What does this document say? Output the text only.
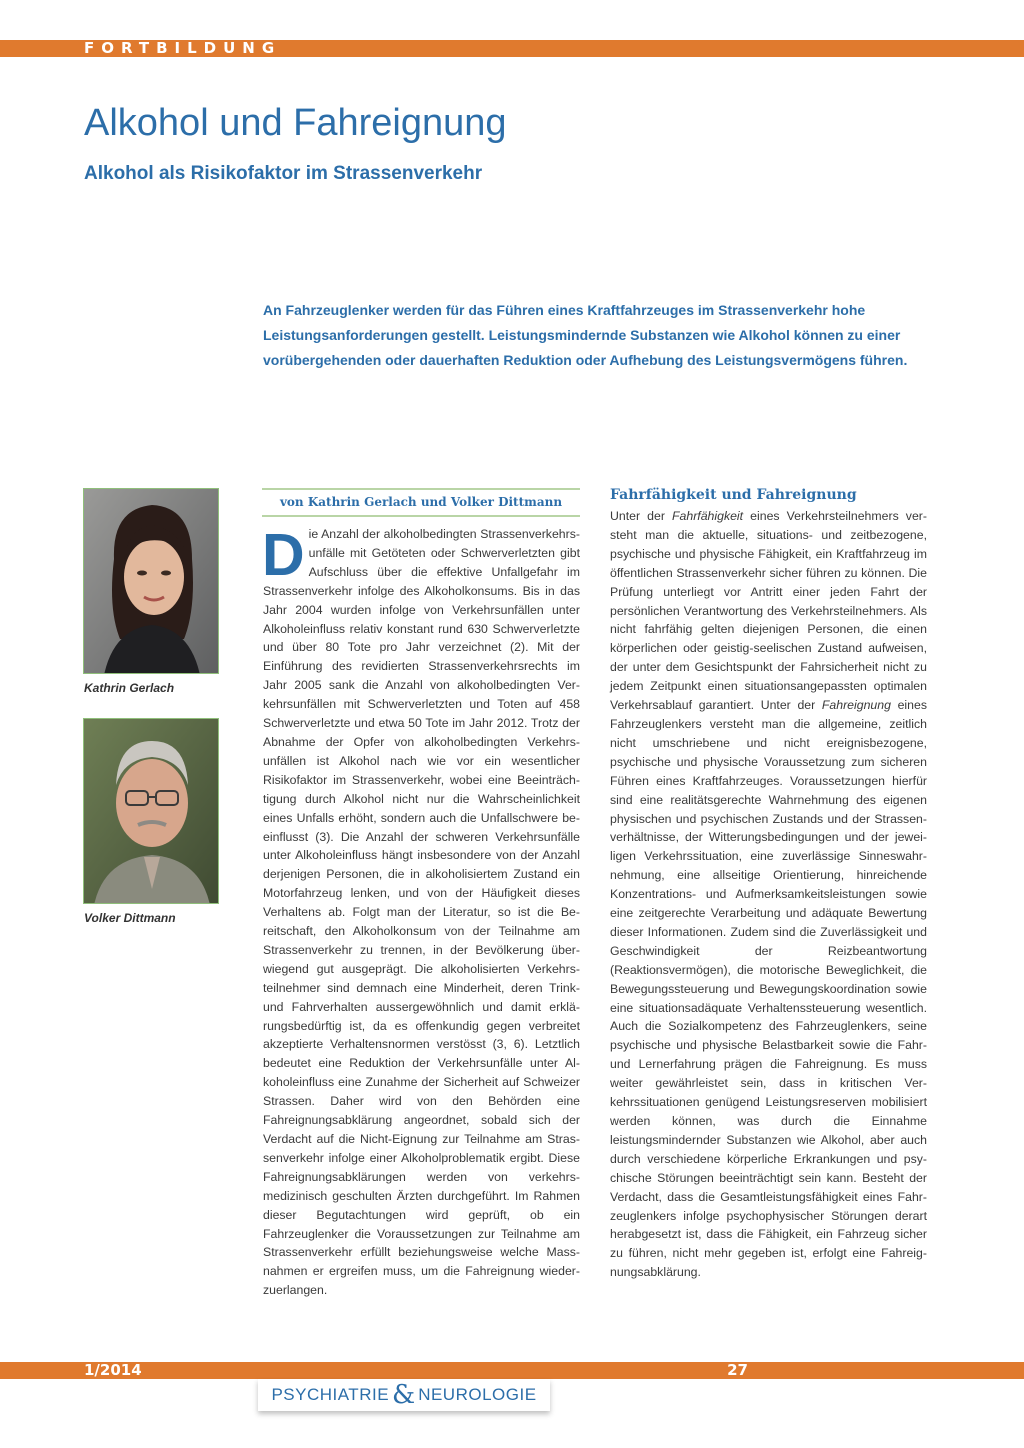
FORTBILDUNG
Alkohol und Fahreignung
Alkohol als Risikofaktor im Strassenverkehr
An Fahrzeuglenker werden für das Führen eines Kraftfahrzeuges im Strassenverkehr hohe Leistungsanforderungen gestellt. Leistungsmindernde Substanzen wie Alkohol können zu einer vorübergehenden oder dauerhaften Reduktion oder Aufhebung des Leistungsvermögens führen.
Kathrin Gerlach
Volker Dittmann
von Kathrin Gerlach und Volker Dittmann
Die Anzahl der alkoholbedingten Strassenverkehrsunfälle mit Getöteten oder Schwerverletzten gibt Aufschluss über die effektive Unfallgefahr im Strassenverkehr infolge des Alkoholkonsums. Bis in das Jahr 2004 wurden infolge von Verkehrsunfällen unter Alkoholeinfluss relativ konstant rund 630 Schwerverletzte und über 80 Tote pro Jahr verzeichnet (2). Mit der Einführung des revidierten Strassenverkehrsrechts im Jahr 2005 sank die Anzahl von alkoholbedingten Verkehrsunfällen mit Schwerverletzten und Toten auf 458 Schwerverletzte und etwa 50 Tote im Jahr 2012. Trotz der Abnahme der Opfer von alkoholbedingten Verkehrsunfällen ist Alkohol nach wie vor ein wesentlicher Risikofaktor im Strassenverkehr, wobei eine Beeinträchtigung durch Alkohol nicht nur die Wahrscheinlichkeit eines Unfalls erhöht, sondern auch die Unfallschwere beeinflusst (3). Die Anzahl der schweren Verkehrsunfälle unter Alkoholeinfluss hängt insbesondere von der Anzahl derjenigen Personen, die in alkoholisiertem Zustand ein Motorfahrzeug lenken, und von der Häufigkeit dieses Verhaltens ab. Folgt man der Literatur, so ist die Bereitschaft, den Alkoholkonsum von der Teilnahme am Strassenverkehr zu trennen, in der Bevölkerung überwiegend gut ausgeprägt. Die alkoholisierten Verkehrsteilnehmer sind demnach eine Minderheit, deren Trink- und Fahrverhalten aussergewöhnlich und damit erklärungsbedürftig ist, da es offenkundig gegen verbreitet akzeptierte Verhaltensnormen verstösst (3, 6). Letztlich bedeutet eine Reduktion der Verkehrsunfälle unter Alkoholeinfluss eine Zunahme der Sicherheit auf Schweizer Strassen. Daher wird von den Behörden eine Fahreignungsabklärung angeordnet, sobald sich der Verdacht auf die Nicht-Eignung zur Teilnahme am Strassenverkehr infolge einer Alkoholproblematik ergibt. Diese Fahreignungsabklärungen werden von verkehrsmedizinisch geschulten Ärzten durchgeführt. Im Rahmen dieser Begutachtungen wird geprüft, ob ein Fahrzeuglenker die Voraussetzungen zur Teilnahme am Strassenverkehr erfüllt beziehungsweise welche Massnahmen er ergreifen muss, um die Fahreignung wiederzuerlangen.
Fahrfähigkeit und Fahreignung
Unter der Fahrfähigkeit eines Verkehrsteilnehmers versteht man die aktuelle, situations- und zeitbezogene, psychische und physische Fähigkeit, ein Kraftfahrzeug im öffentlichen Strassenverkehr sicher führen zu können. Die Prüfung unterliegt vor Antritt einer jeden Fahrt der persönlichen Verantwortung des Verkehrsteilnehmers. Als nicht fahrfähig gelten diejenigen Personen, die einen körperlichen oder geistig-seelischen Zustand aufweisen, der unter dem Gesichtspunkt der Fahrsicherheit nicht zu jedem Zeitpunkt einen situationsangepassten optimalen Verkehrsablauf garantiert. Unter der Fahreignung eines Fahrzeuglenkers versteht man die allgemeine, zeitlich nicht umschriebene und nicht ereignisbezogene, psychische und physische Voraussetzung zum sicheren Führen eines Kraftfahrzeuges. Voraussetzungen hierfür sind eine realitätsgerechte Wahrnehmung des eigenen physischen und psychischen Zustands und der Strassenverhältnisse, der Witterungsbedingungen und der jeweiligen Verkehrssituation, eine zuverlässige Sinneswahrnehmung, eine allseitige Orientierung, hinreichende Konzentrations- und Aufmerksamkeitsleistungen sowie eine zeitgerechte Verarbeitung und adäquate Bewertung dieser Informationen. Zudem sind die Zuverlässigkeit und Geschwindigkeit der Reizbeantwortung (Reaktionsvermögen), die motorische Beweglichkeit, die Bewegungssteuerung und Bewegungskoordination sowie eine situationsadäquate Verhaltenssteuerung wesentlich. Auch die Sozialkompetenz des Fahrzeuglenkers, seine psychische und physische Belastbarkeit sowie die Fahr- und Lernerfahrung prägen die Fahreignung. Es muss weiter gewährleistet sein, dass in kritischen Verkehrssituationen genügend Leistungsreserven mobilisiert werden können, was durch die Einnahme leistungsmindernder Substanzen wie Alkohol, aber auch durch verschiedene körperliche Erkrankungen und psychische Störungen beeinträchtigt sein kann. Besteht der Verdacht, dass die Gesamtleistungsfähigkeit eines Fahrzeuglenkers infolge psychophysischer Störungen derart herabgesetzt ist, dass die Fähigkeit, ein Fahrzeug sicher zu führen, nicht mehr gegeben ist, erfolgt eine Fahreignungsabklärung.
1/2014	27
PSYCHIATRIE & NEUROLOGIE
